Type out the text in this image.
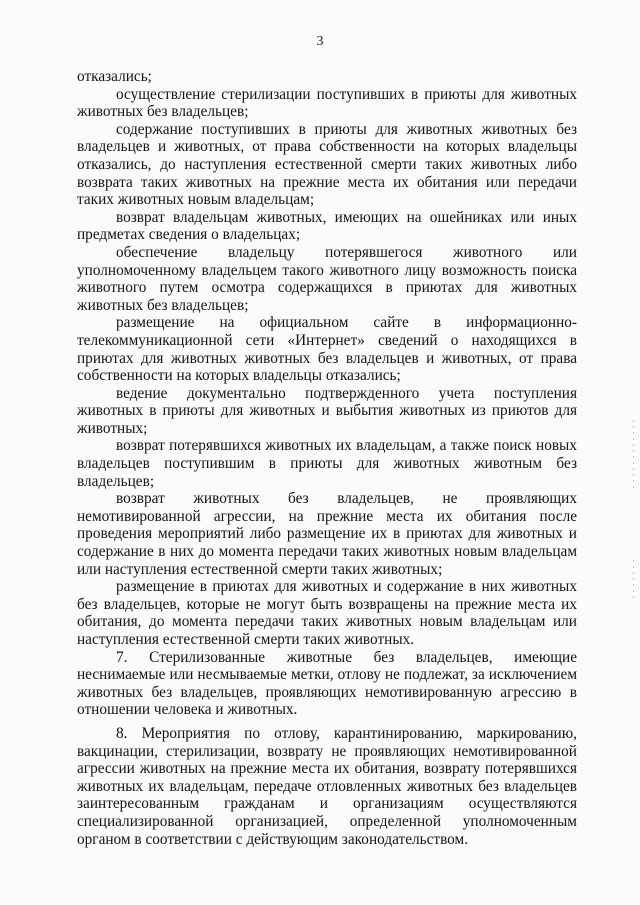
3

отказались;

осуществление стерилизации поступивших в приюты для животных животных без владельцев;

содержание поступивших в приюты для животных животных без владельцев и животных, от права собственности на которых владельцы отказались, до наступления естественной смерти таких животных либо возврата таких животных на прежние места их обитания или передачи таких животных новым владельцам;

возврат владельцам животных, имеющих на ошейниках или иных предметах сведения о владельцах;

обеспечение владельцу потерявшегося животного или уполномоченному владельцем такого животного лицу возможность поиска животного путем осмотра содержащихся в приютах для животных животных без владельцев;

размещение на официальном сайте в информационно-телекоммуникационной сети «Интернет» сведений о находящихся в приютах для животных животных без владельцев и животных, от права собственности на которых владельцы отказались;

ведение документально подтвержденного учета поступления животных в приюты для животных и выбытия животных из приютов для животных;

возврат потерявшихся животных их владельцам, а также поиск новых владельцев поступившим в приюты для животных животным без владельцев;

возврат животных без владельцев, не проявляющих немотивированной агрессии, на прежние места их обитания после проведения мероприятий либо размещение их в приютах для животных и содержание в них до момента передачи таких животных новым владельцам или наступления естественной смерти таких животных;

размещение в приютах для животных и содержание в них животных без владельцев, которые не могут быть возвращены на прежние места их обитания, до момента передачи таких животных новым владельцам или наступления естественной смерти таких животных.

7. Стерилизованные животные без владельцев, имеющие неснимаемые или несмываемые метки, отлову не подлежат, за исключением животных без владельцев, проявляющих немотивированную агрессию в отношении человека и животных.

8. Мероприятия по отлову, карантинированию, маркированию, вакцинации, стерилизации, возврату не проявляющих немотивированной агрессии животных на прежние места их обитания, возврату потерявшихся животных их владельцам, передаче отловленных животных без владельцев заинтересованным гражданам и организациям осуществляются специализированной организацией, определенной уполномоченным органом в соответствии с действующим законодательством.
